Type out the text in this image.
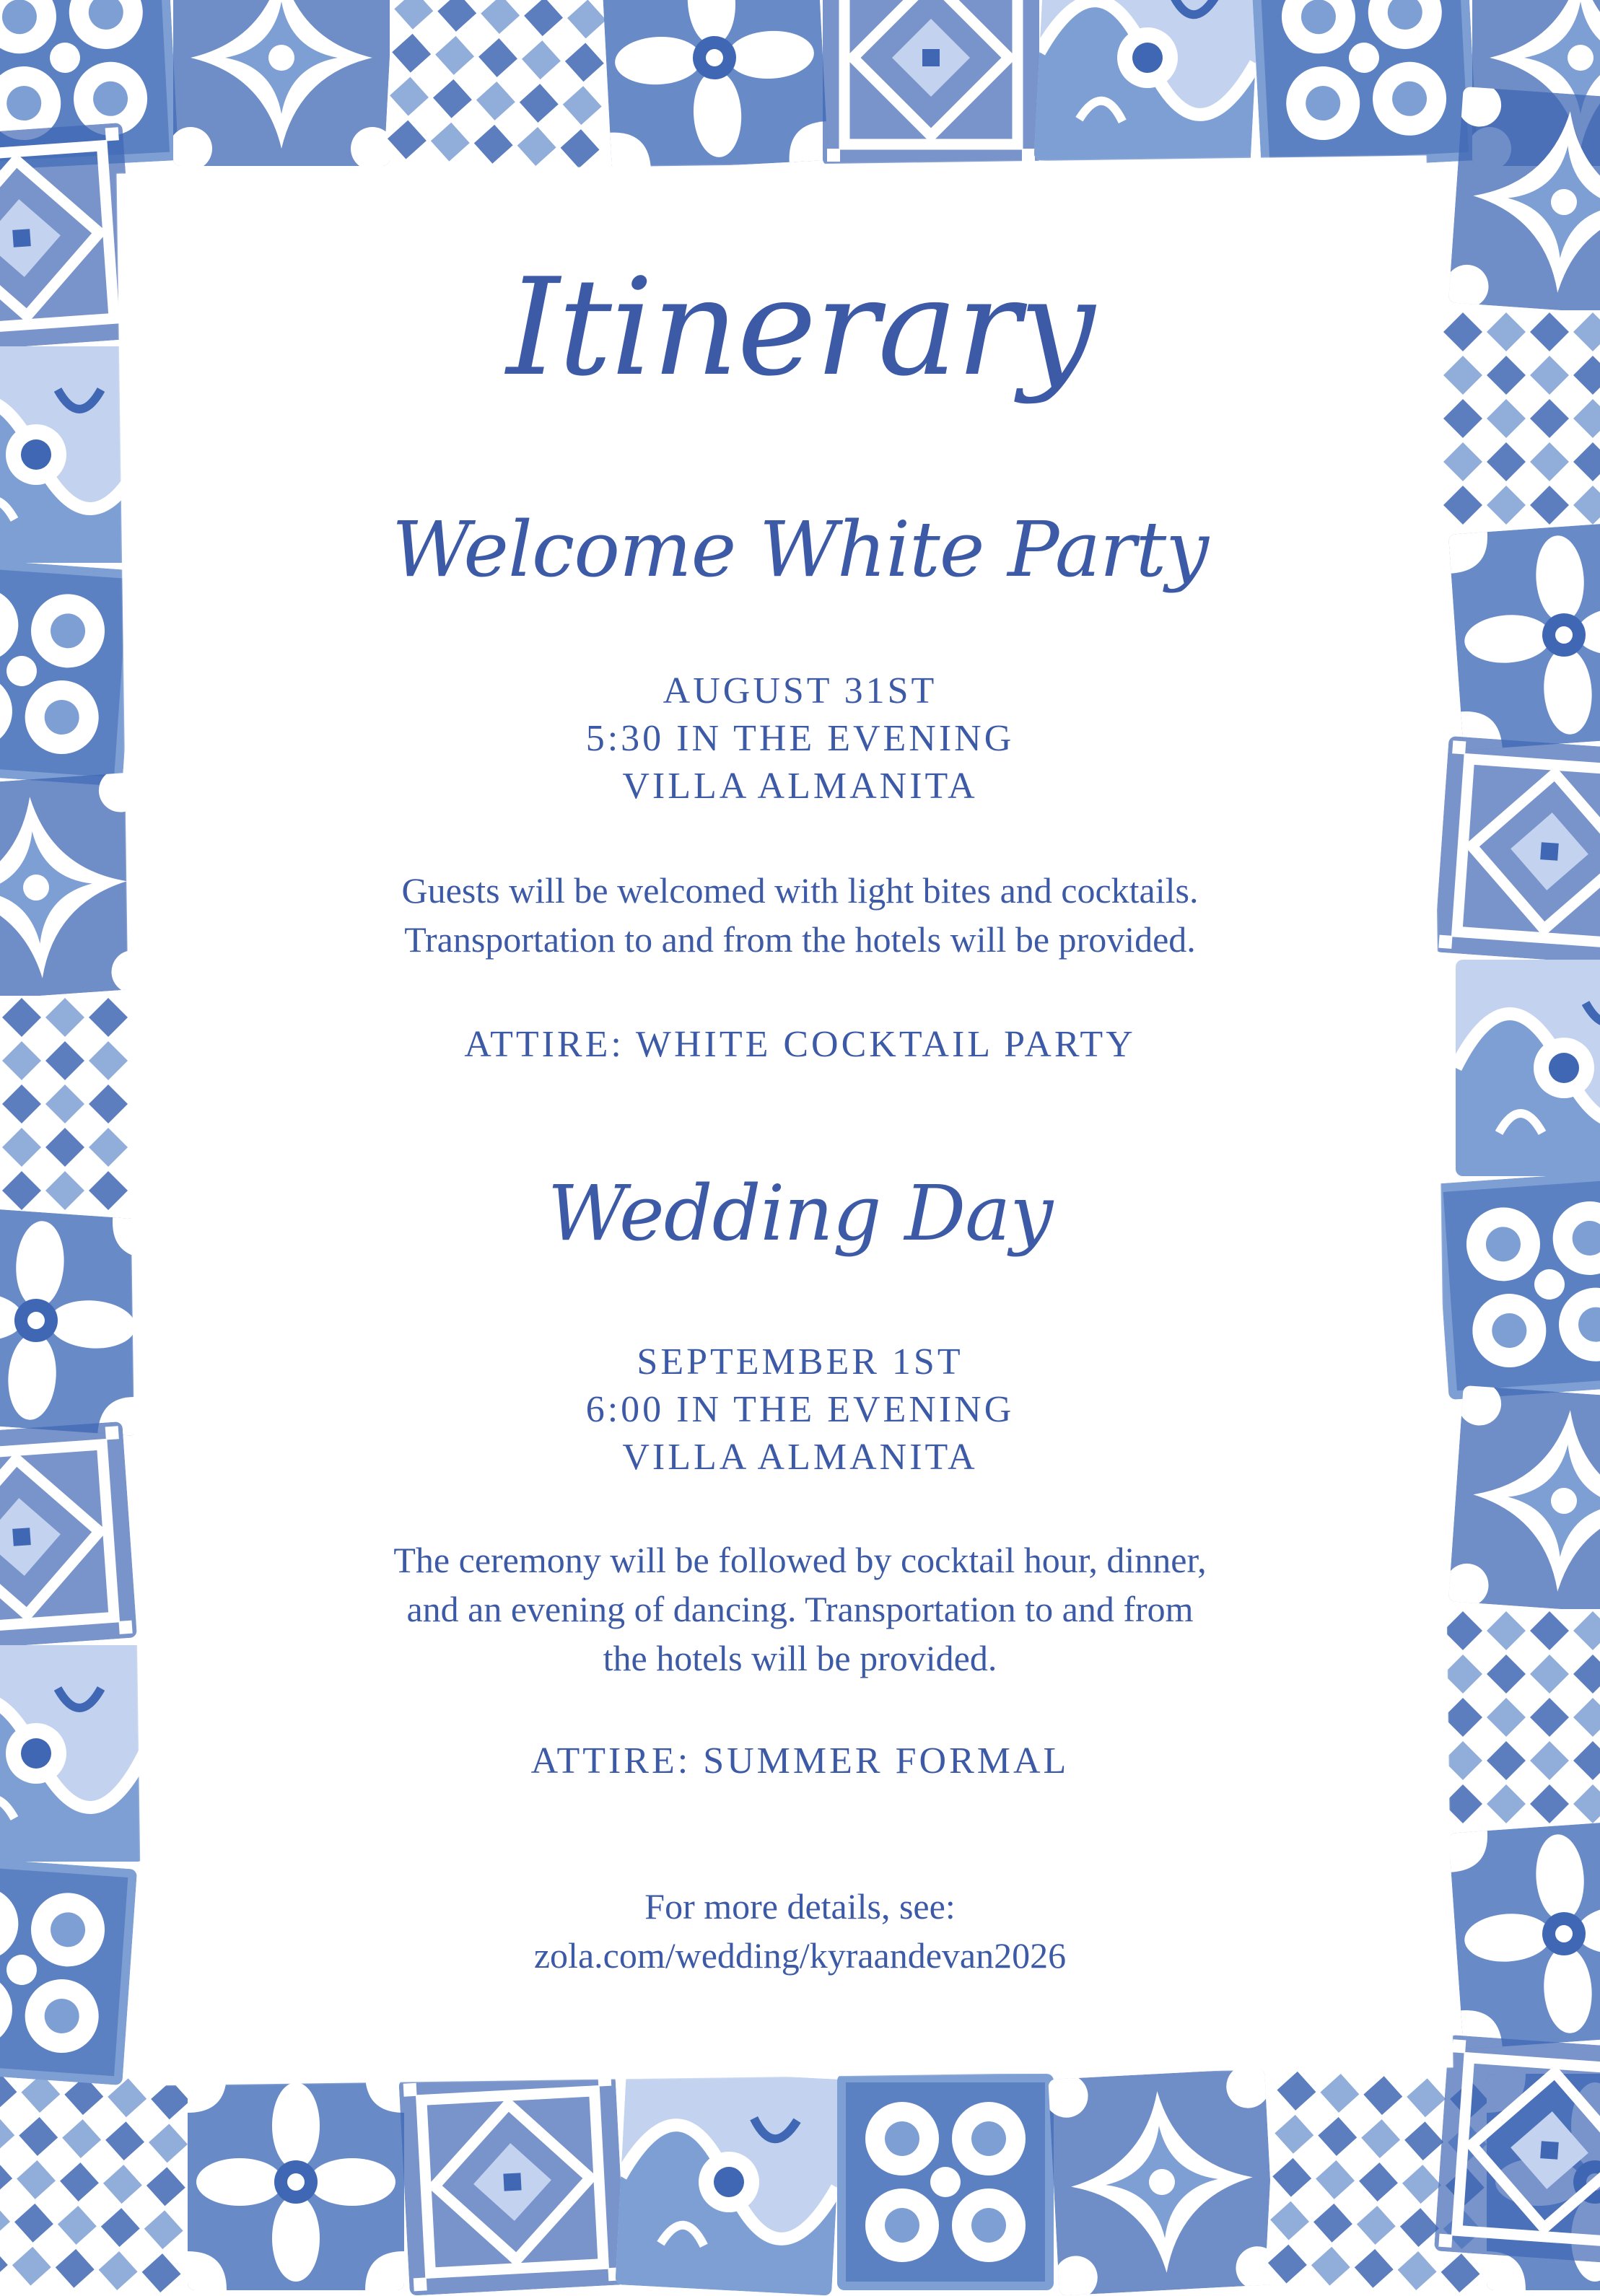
Itinerary
Welcome White Party
AUGUST 31ST
5:30 IN THE EVENING
VILLA ALMANITA
Guests will be welcomed with light bites and cocktails.
Transportation to and from the hotels will be provided.
ATTIRE: WHITE COCKTAIL PARTY
Wedding Day
SEPTEMBER 1ST
6:00 IN THE EVENING
VILLA ALMANITA
The ceremony will be followed by cocktail hour, dinner,
and an evening of dancing. Transportation to and from
the hotels will be provided.
ATTIRE: SUMMER FORMAL
For more details, see:
zola.com/wedding/kyraandevan2026
